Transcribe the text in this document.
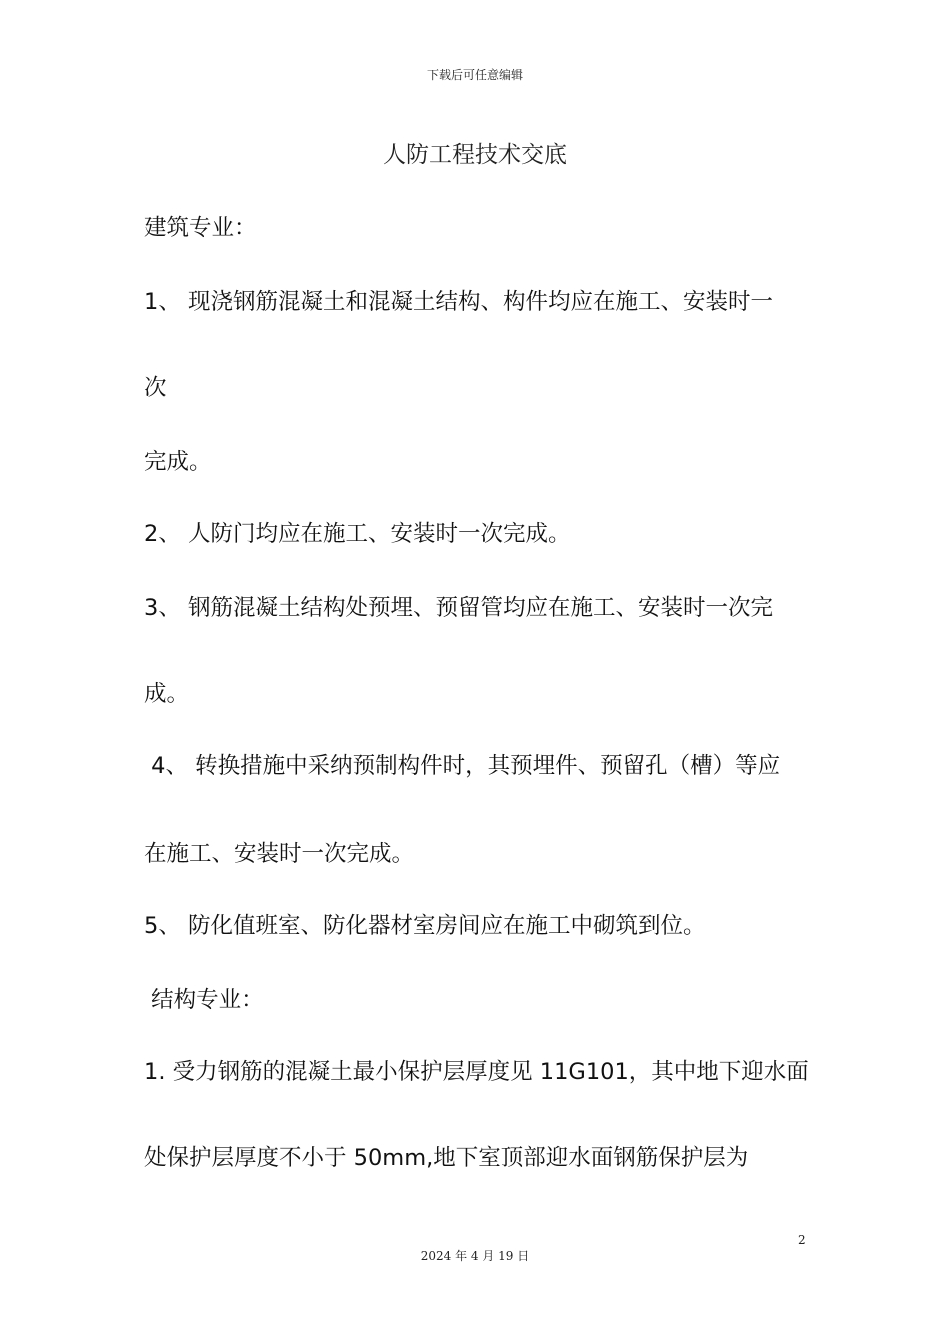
下载后可任意编辑
人防工程技术交底
建筑专业：
1、 现浇钢筋混凝土和混凝土结构、构件均应在施工、安装时一
次
完成。
2、 人防门均应在施工、安装时一次完成。
3、 钢筋混凝土结构处预埋、预留管均应在施工、安装时一次完
成。
4、 转换措施中采纳预制构件时，其预埋件、预留孔（槽）等应
在施工、安装时一次完成。
5、 防化值班室、防化器材室房间应在施工中砌筑到位。
结构专业：
1. 受力钢筋的混凝土最小保护层厚度见 11G101，其中地下迎水面
处保护层厚度不小于 50mm,地下室顶部迎水面钢筋保护层为
2
2024 年 4 月 19 日
